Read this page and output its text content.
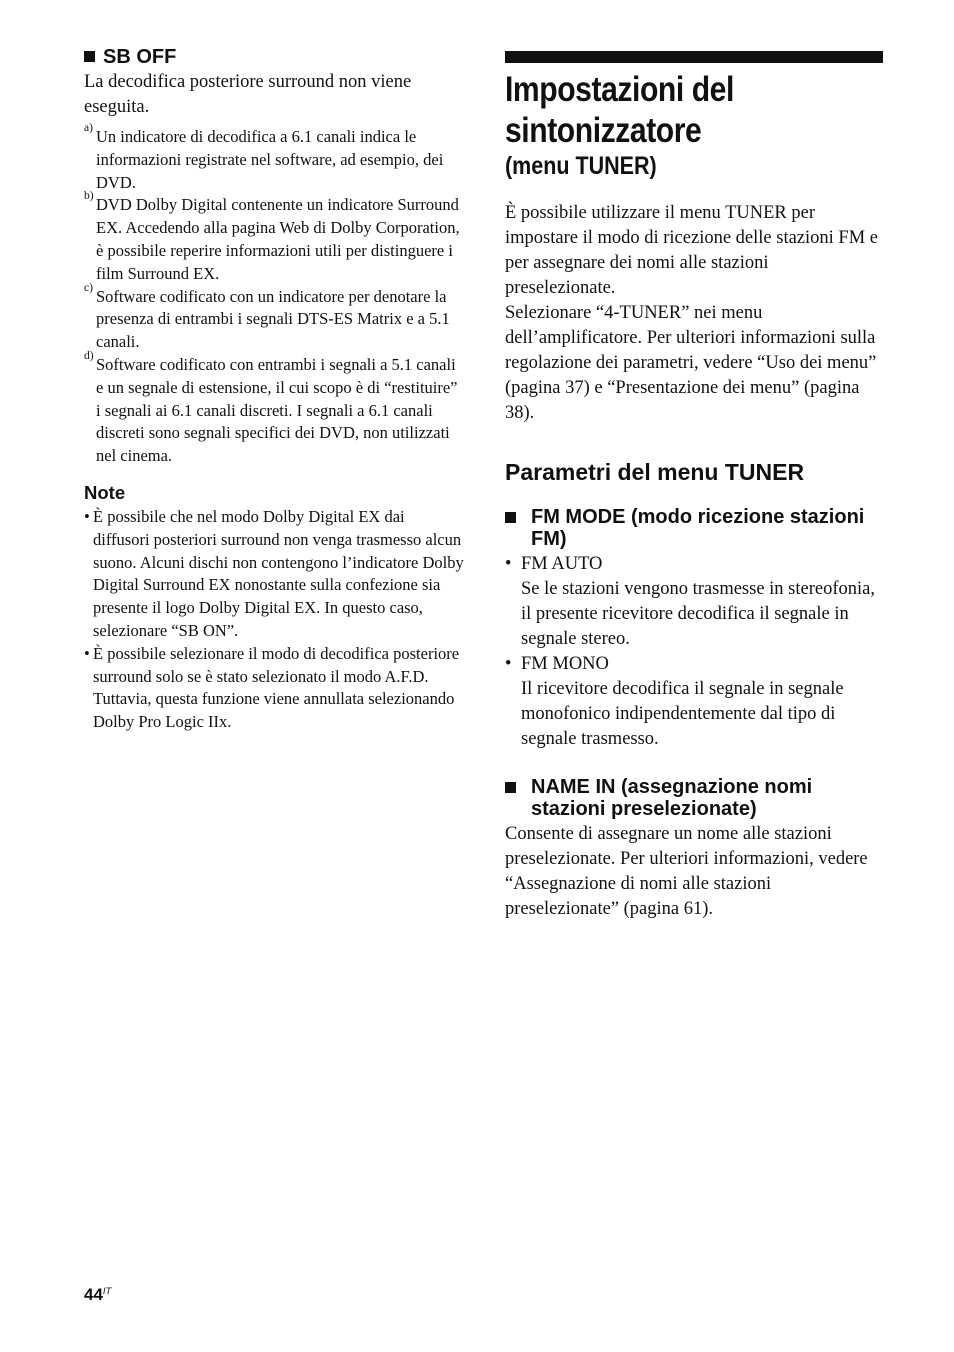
SB OFF

La decodifica posteriore surround non viene eseguita.

a) Un indicatore di decodifica a 6.1 canali indica le informazioni registrate nel software, ad esempio, dei DVD.

b) DVD Dolby Digital contenente un indicatore Surround EX. Accedendo alla pagina Web di Dolby Corporation, è possibile reperire informazioni utili per distinguere i film Surround EX.

c) Software codificato con un indicatore per denotare la presenza di entrambi i segnali DTS-ES Matrix e a 5.1 canali.

d) Software codificato con entrambi i segnali a 5.1 canali e un segnale di estensione, il cui scopo è di “restituire” i segnali ai 6.1 canali discreti. I segnali a 6.1 canali discreti sono segnali specifici dei DVD, non utilizzati nel cinema.

Note

• È possibile che nel modo Dolby Digital EX dai diffusori posteriori surround non venga trasmesso alcun suono. Alcuni dischi non contengono l’indicatore Dolby Digital Surround EX nonostante sulla confezione sia presente il logo Dolby Digital EX. In questo caso, selezionare “SB ON”.

• È possibile selezionare il modo di decodifica posteriore surround solo se è stato selezionato il modo A.F.D. Tuttavia, questa funzione viene annullata selezionando Dolby Pro Logic IIx.

Impostazioni del sintonizzatore
(menu TUNER)

È possibile utilizzare il menu TUNER per impostare il modo di ricezione delle stazioni FM e per assegnare dei nomi alle stazioni preselezionate.

Selezionare “4-TUNER” nei menu dell’amplificatore. Per ulteriori informazioni sulla regolazione dei parametri, vedere “Uso dei menu” (pagina 37) e “Presentazione dei menu” (pagina 38).

Parametri del menu TUNER
FM MODE (modo ricezione stazioni FM)

• FM AUTO
Se le stazioni vengono trasmesse in stereofonia, il presente ricevitore decodifica il segnale in segnale stereo.

• FM MONO
Il ricevitore decodifica il segnale in segnale monofonico indipendentemente dal tipo di segnale trasmesso.

NAME IN (assegnazione nomi stazioni preselezionate)

Consente di assegnare un nome alle stazioni preselezionate. Per ulteriori informazioni, vedere “Assegnazione di nomi alle stazioni preselezionate” (pagina 61).

$44^{IT}$
